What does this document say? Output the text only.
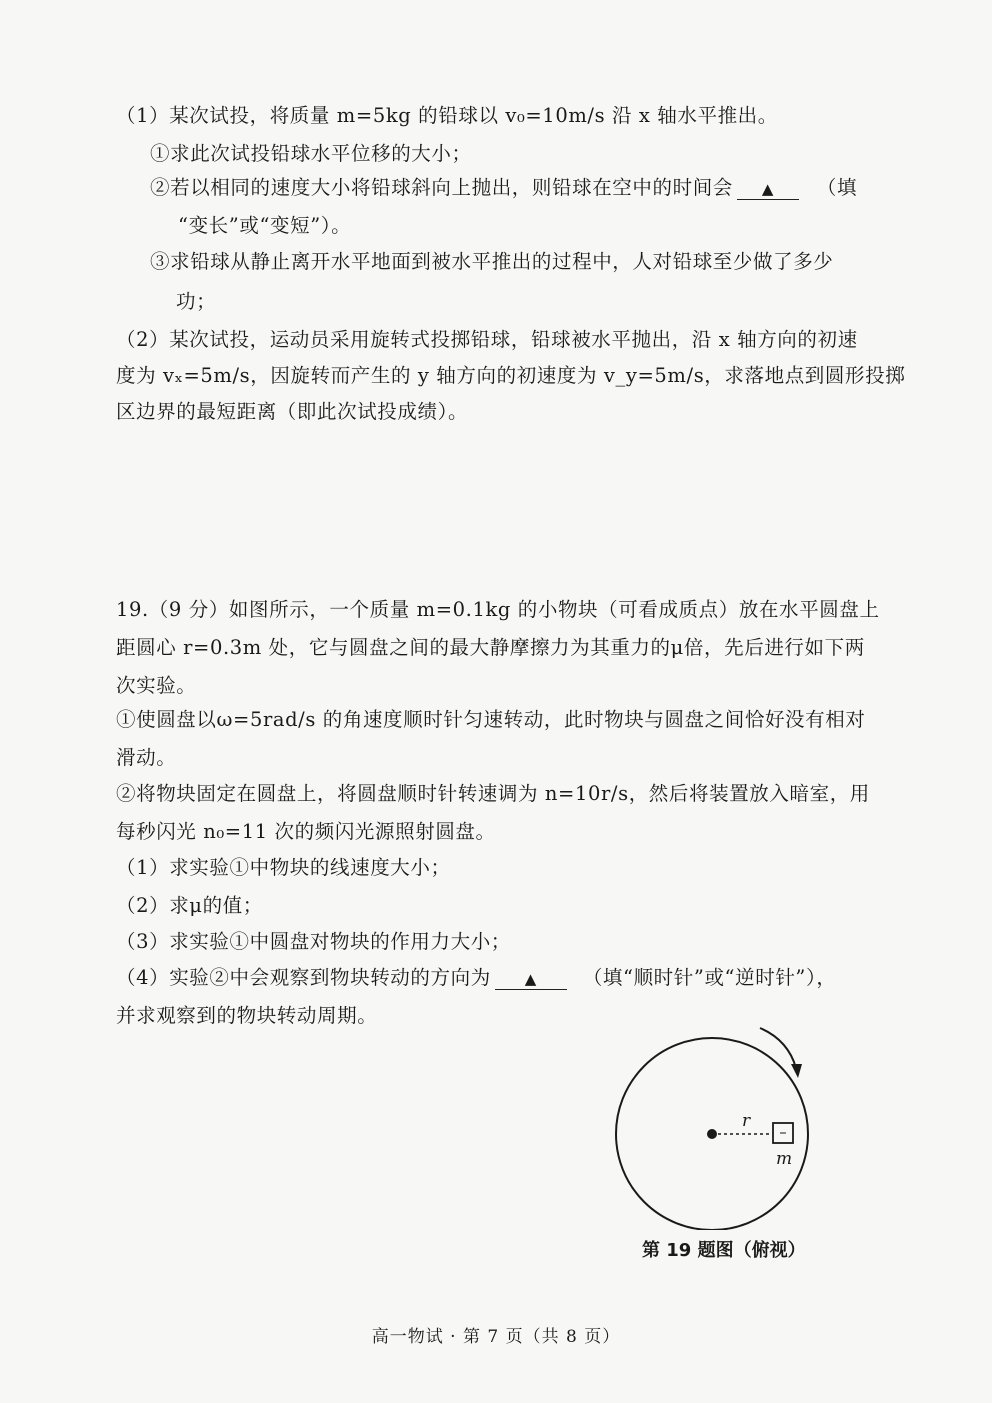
（1）某次试投，将质量 m=5kg 的铅球以 v₀=10m/s 沿 x 轴水平推出。
①求此次试投铅球水平位移的大小；
②若以相同的速度大小将铅球斜向上抛出，则铅球在空中的时间会 ▲ （填
“变长”或“变短”）。
③求铅球从静止离开水平地面到被水平推出的过程中，人对铅球至少做了多少
功；
（2）某次试投，运动员采用旋转式投掷铅球，铅球被水平抛出，沿 x 轴方向的初速
度为 vₓ=5m/s，因旋转而产生的 y 轴方向的初速度为 v_y=5m/s，求落地点到圆形投掷
区边界的最短距离（即此次试投成绩）。
19.（9 分）如图所示，一个质量 m=0.1kg 的小物块（可看成质点）放在水平圆盘上
距圆心 r=0.3m 处，它与圆盘之间的最大静摩擦力为其重力的μ倍，先后进行如下两
次实验。
①使圆盘以ω=5rad/s 的角速度顺时针匀速转动，此时物块与圆盘之间恰好没有相对
滑动。
②将物块固定在圆盘上，将圆盘顺时针转速调为 n=10r/s，然后将装置放入暗室，用
每秒闪光 n₀=11 次的频闪光源照射圆盘。
（1）求实验①中物块的线速度大小；
（2）求μ的值；
（3）求实验①中圆盘对物块的作用力大小；
（4）实验②中会观察到物块转动的方向为 ▲ （填“顺时针”或“逆时针”），
并求观察到的物块转动周期。
r
m
第 19 题图（俯视）
高一物试 · 第 7 页（共 8 页）
